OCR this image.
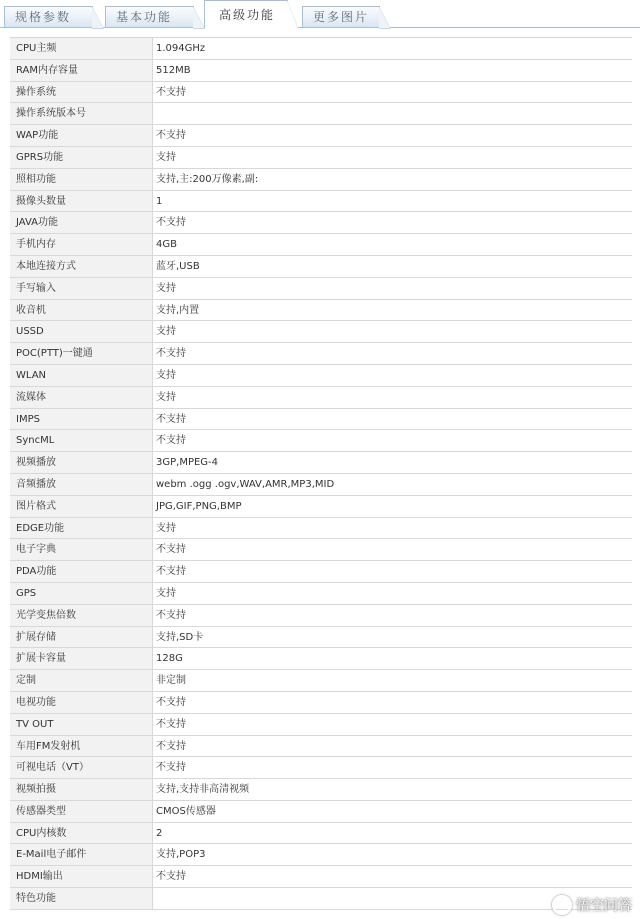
规格参数	基本功能	高级功能	更多图片
CPU主频	1.094GHz
RAM内存容量	512MB
操作系统	不支持
操作系统版本号
WAP功能	不支持
GPRS功能	支持
照相功能	支持,主:200万像素,副:
摄像头数量	1
JAVA功能	不支持
手机内存	4GB
本地连接方式	蓝牙,USB
手写输入	支持
收音机	支持,内置
USSD	支持
POC(PTT)一键通	不支持
WLAN	支持
流媒体	支持
IMPS	不支持
SyncML	不支持
视频播放	3GP,MPEG-4
音频播放	webm .ogg .ogv,WAV,AMR,MP3,MID
图片格式	JPG,GIF,PNG,BMP
EDGE功能	支持
电子字典	不支持
PDA功能	不支持
GPS	支持
光学变焦倍数	不支持
扩展存储	支持,SD卡
扩展卡容量	128G
定制	非定制
电视功能	不支持
TV OUT	不支持
车用FM发射机	不支持
可视电话（VT）	不支持
视频拍摄	支持,支持非高清视频
传感器类型	CMOS传感器
CPU内核数	2
E-Mail电子邮件	支持,POP3
HDMI输出	不支持
特色功能	悟空问答
